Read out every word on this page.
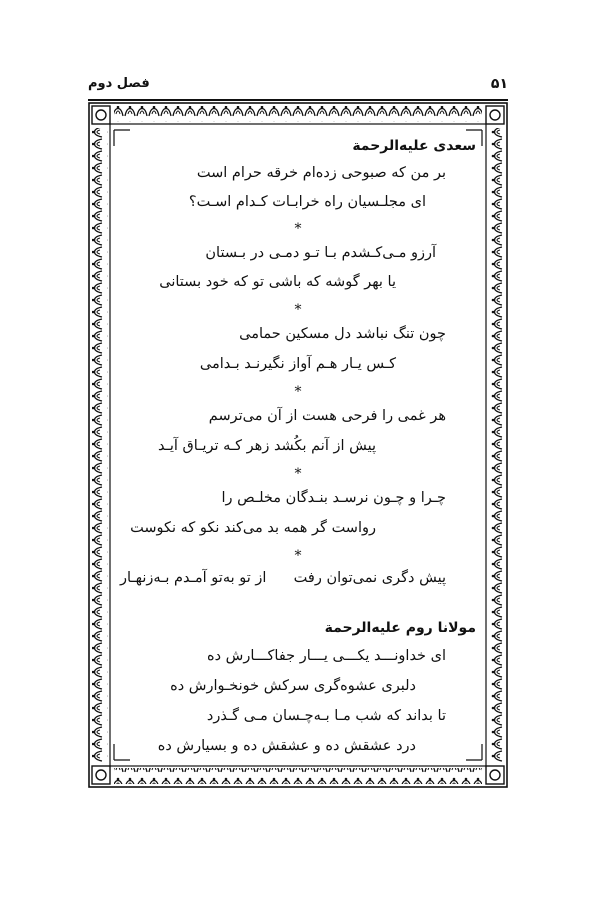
۵۱
فصل دوم
سعدی علیه‌الرحمة
بر من که صبوحی زده‌ام خرقه حرام است
ای مجلـسیان راه خرابـات کـدام اسـت؟
*
آرزو مـی‌کـشدم بـا تـو دمـی در بـستان
یا بهر گوشه که باشی تو که خود بستانی
*
چون تنگ نباشد دل مسکین حمامی
کـس یـار هـم آواز نگیرنـد بـدامی
*
هر غمی را فرحی هست از آن می‌ترسم
پیش از آنم بکُشد زهر کـه تریـاق آیـد
*
چـرا و چـون نرسـد بنـدگان مخلـص را
رواست گر همه بد می‌کند نکو که نکوست
*
پیش دگری نمی‌توان رفت
از تو به‌تو آمـدم بـه‌زنهـار
مولانا روم علیه‌الرحمة
ای خداونـــد یکـــی یـــار جفاکـــارش ده
دلبری عشوه‌گری سرکش خونخـوارش ده
تا بداند که شب مـا بـه‌چـسان مـی گـذرد
درد عشقش ده و عشقش ده و بسیارش ده
